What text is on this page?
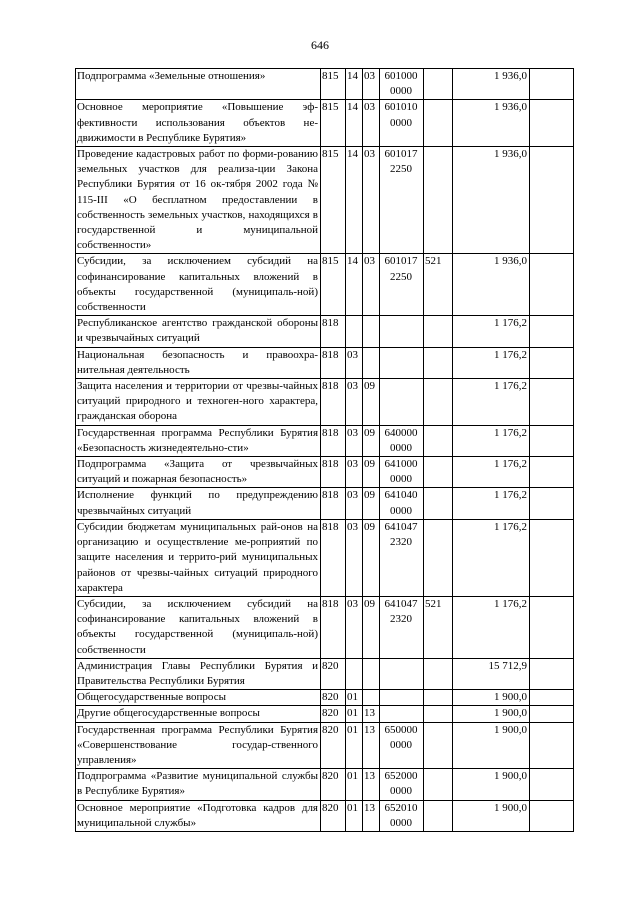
646
Подпрограмма «Земельные отношения»	815	14	03	601000 0000		1 936,0	
Основное мероприятие «Повышение эф-фективности использования объектов не-движимости в Республике Бурятия»	815	14	03	601010 0000		1 936,0	
Проведение кадастровых работ по форми-рованию земельных участков для реализа-ции Закона Республики Бурятия от 16 ок-тября 2002 года № 115-III «О бесплатном предоставлении в собственность земельных участков, находящихся в государственной и муниципальной собственности»	815	14	03	601017 2250		1 936,0	
Субсидии, за исключением субсидий на софинансирование капитальных вложений в объекты государственной (муниципаль-ной) собственности	815	14	03	601017 2250	521	1 936,0	
Республиканское агентство гражданской обороны и чрезвычайных ситуаций	818					1 176,2	
Национальная безопасность и правоохра-нительная деятельность	818	03				1 176,2	
Защита населения и территории от чрезвы-чайных ситуаций природного и техноген-ного характера, гражданская оборона	818	03	09			1 176,2	
Государственная программа Республики Бурятия «Безопасность жизнедеятельно-сти»	818	03	09	640000 0000		1 176,2	
Подпрограмма «Защита от чрезвычайных ситуаций и пожарная безопасность»	818	03	09	641000 0000		1 176,2	
Исполнение функций по предупреждению чрезвычайных ситуаций	818	03	09	641040 0000		1 176,2	
Субсидии бюджетам муниципальных рай-онов на организацию и осуществление ме-роприятий по защите населения и террито-рий муниципальных районов от чрезвы-чайных ситуаций природного характера	818	03	09	641047 2320		1 176,2	
Субсидии, за исключением субсидий на софинансирование капитальных вложений в объекты государственной (муниципаль-ной) собственности	818	03	09	641047 2320	521	1 176,2	
Администрация Главы Республики Бурятия и Правительства Республики Бурятия	820					15 712,9	
Общегосударственные вопросы	820	01				1 900,0	
Другие общегосударственные вопросы	820	01	13			1 900,0	
Государственная программа Республики Бурятия «Совершенствование государ-ственного управления»	820	01	13	650000 0000		1 900,0	
Подпрограмма «Развитие муниципальной службы в Республике Бурятия»	820	01	13	652000 0000		1 900,0	
Основное мероприятие «Подготовка кадров для муниципальной службы»	820	01	13	652010 0000		1 900,0	
